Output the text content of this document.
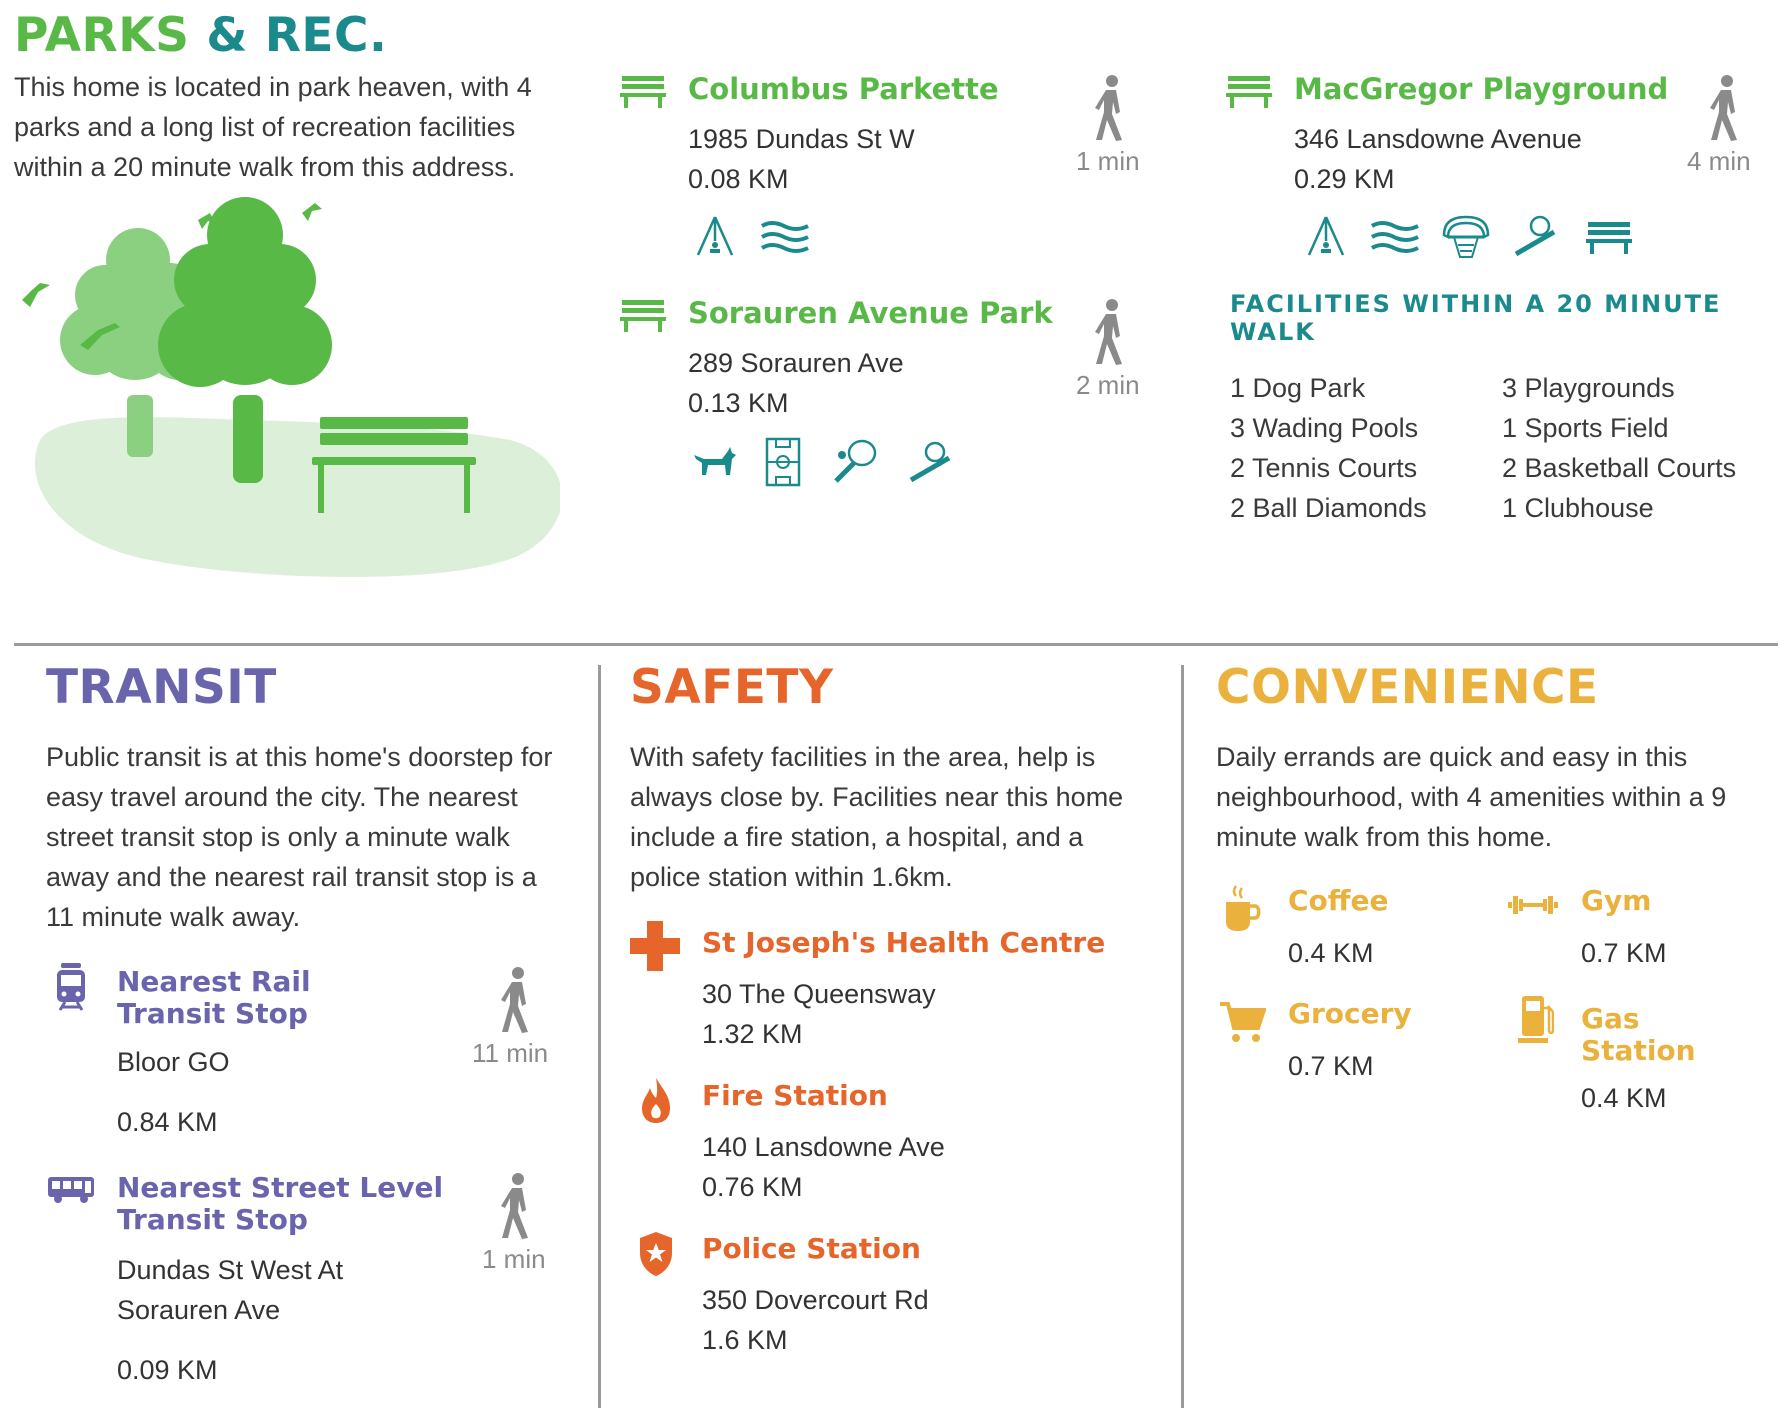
PARKS & REC.
This home is located in park heaven, with 4 parks and a long list of recreation facilities within a 20 minute walk from this address.
Columbus Parkette
1985 Dundas St W
0.08 KM
1 min
Sorauren Avenue Park
289 Sorauren Ave
0.13 KM
2 min
MacGregor Playground
346 Lansdowne Avenue
0.29 KM
4 min
FACILITIES WITHIN A 20 MINUTE WALK
1 Dog Park
3 Wading Pools
2 Tennis Courts
2 Ball Diamonds
3 Playgrounds
1 Sports Field
2 Basketball Courts
1 Clubhouse
TRANSIT
Public transit is at this home's doorstep for easy travel around the city. The nearest street transit stop is only a minute walk away and the nearest rail transit stop is a 11 minute walk away.
Nearest Rail Transit Stop
Bloor GO
0.84 KM
11 min
Nearest Street Level Transit Stop
Dundas St West At Sorauren Ave
0.09 KM
1 min
SAFETY
With safety facilities in the area, help is always close by. Facilities near this home include a fire station, a hospital, and a police station within 1.6km.
St Joseph's Health Centre
30 The Queensway
1.32 KM
Fire Station
140 Lansdowne Ave
0.76 KM
Police Station
350 Dovercourt Rd
1.6 KM
CONVENIENCE
Daily errands are quick and easy in this neighbourhood, with 4 amenities within a 9 minute walk from this home.
Coffee
0.4 KM
Gym
0.7 KM
Grocery
0.7 KM
Gas Station
0.4 KM
